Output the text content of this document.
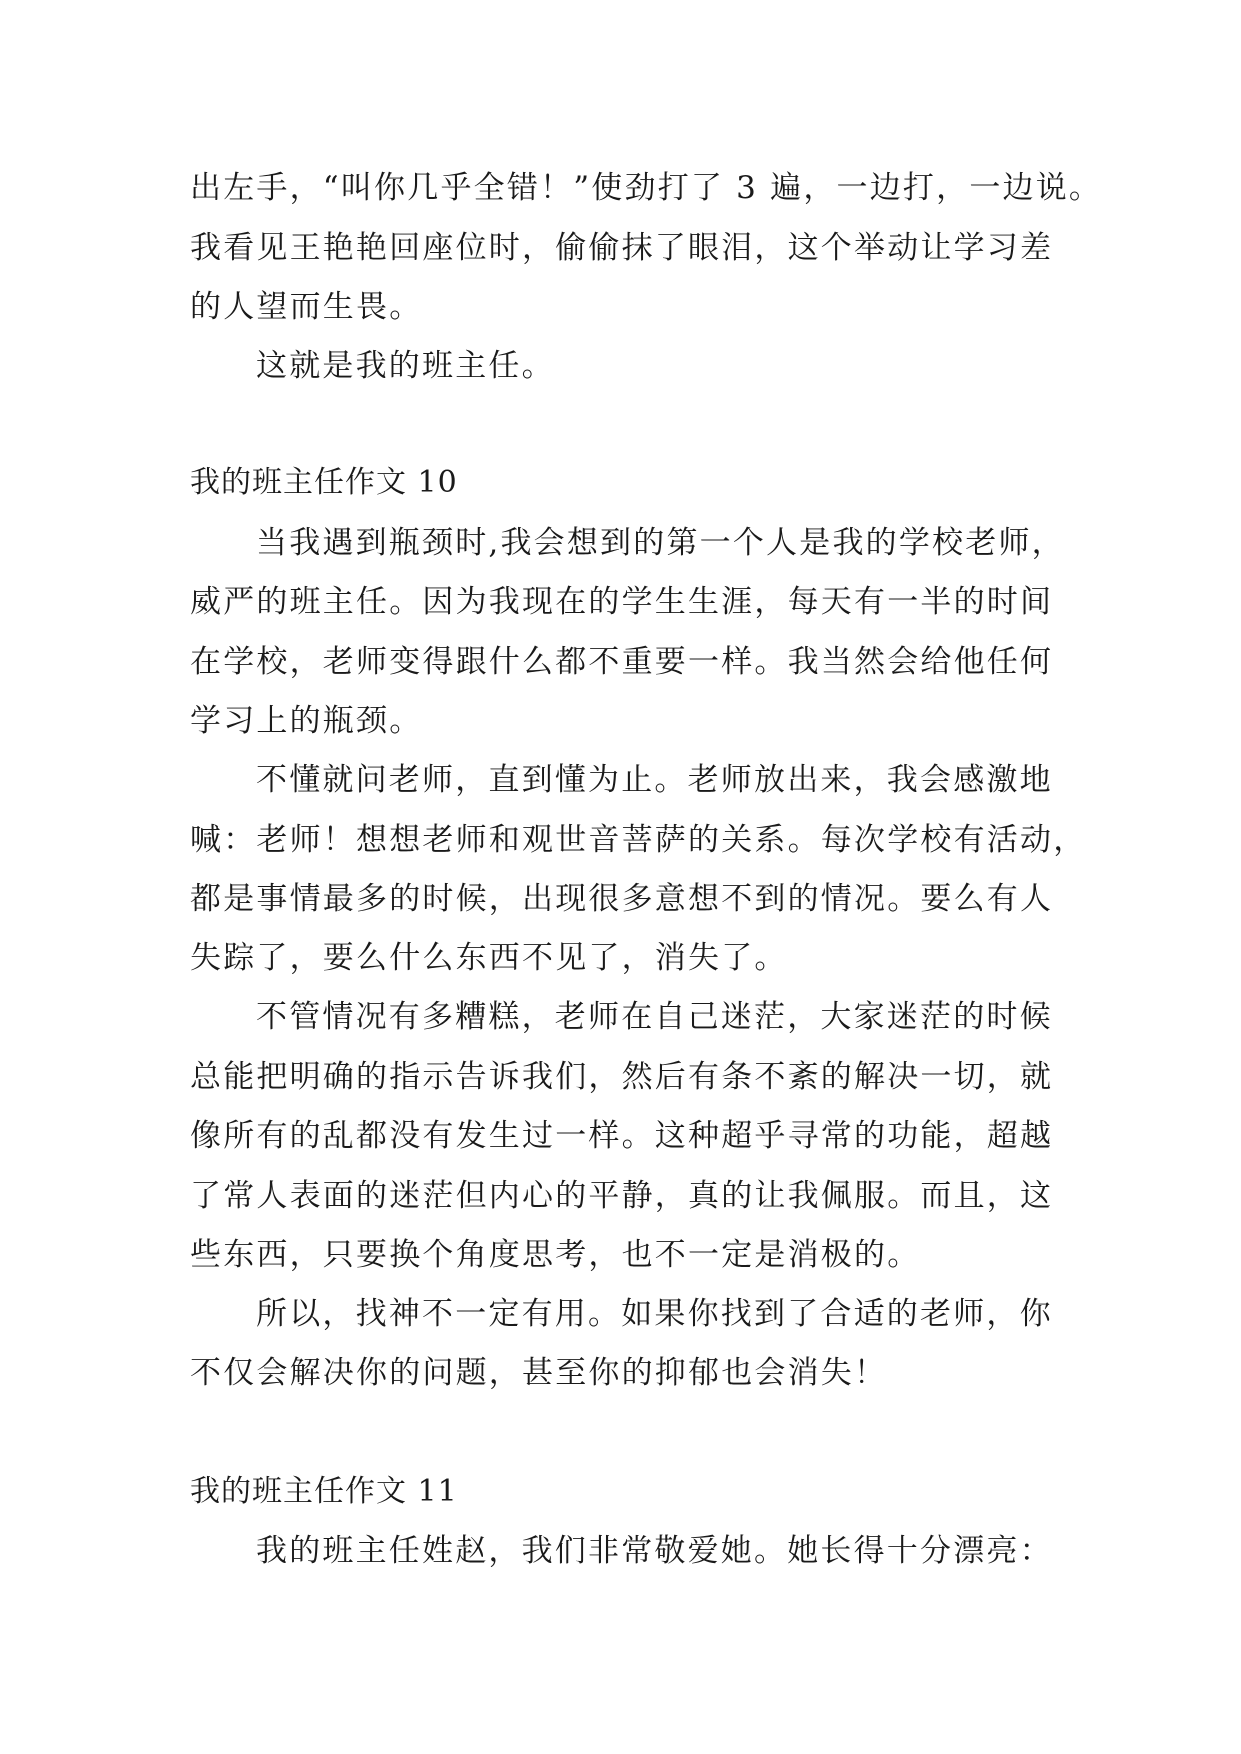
出左手，“叫你几乎全错！”使劲打了 3 遍，一边打，一边说。
我看见王艳艳回座位时，偷偷抹了眼泪，这个举动让学习差
的人望而生畏。
这就是我的班主任。
我的班主任作文 10
当我遇到瓶颈时,我会想到的第一个人是我的学校老师，
威严的班主任。因为我现在的学生生涯，每天有一半的时间
在学校，老师变得跟什么都不重要一样。我当然会给他任何
学习上的瓶颈。
不懂就问老师，直到懂为止。老师放出来，我会感激地
喊：老师！想想老师和观世音菩萨的关系。每次学校有活动，
都是事情最多的时候，出现很多意想不到的情况。要么有人
失踪了，要么什么东西不见了，消失了。
不管情况有多糟糕，老师在自己迷茫，大家迷茫的时候
总能把明确的指示告诉我们，然后有条不紊的解决一切，就
像所有的乱都没有发生过一样。这种超乎寻常的功能，超越
了常人表面的迷茫但内心的平静，真的让我佩服。而且，这
些东西，只要换个角度思考，也不一定是消极的。
所以，找神不一定有用。如果你找到了合适的老师，你
不仅会解决你的问题，甚至你的抑郁也会消失！
我的班主任作文 11
我的班主任姓赵，我们非常敬爱她。她长得十分漂亮：
